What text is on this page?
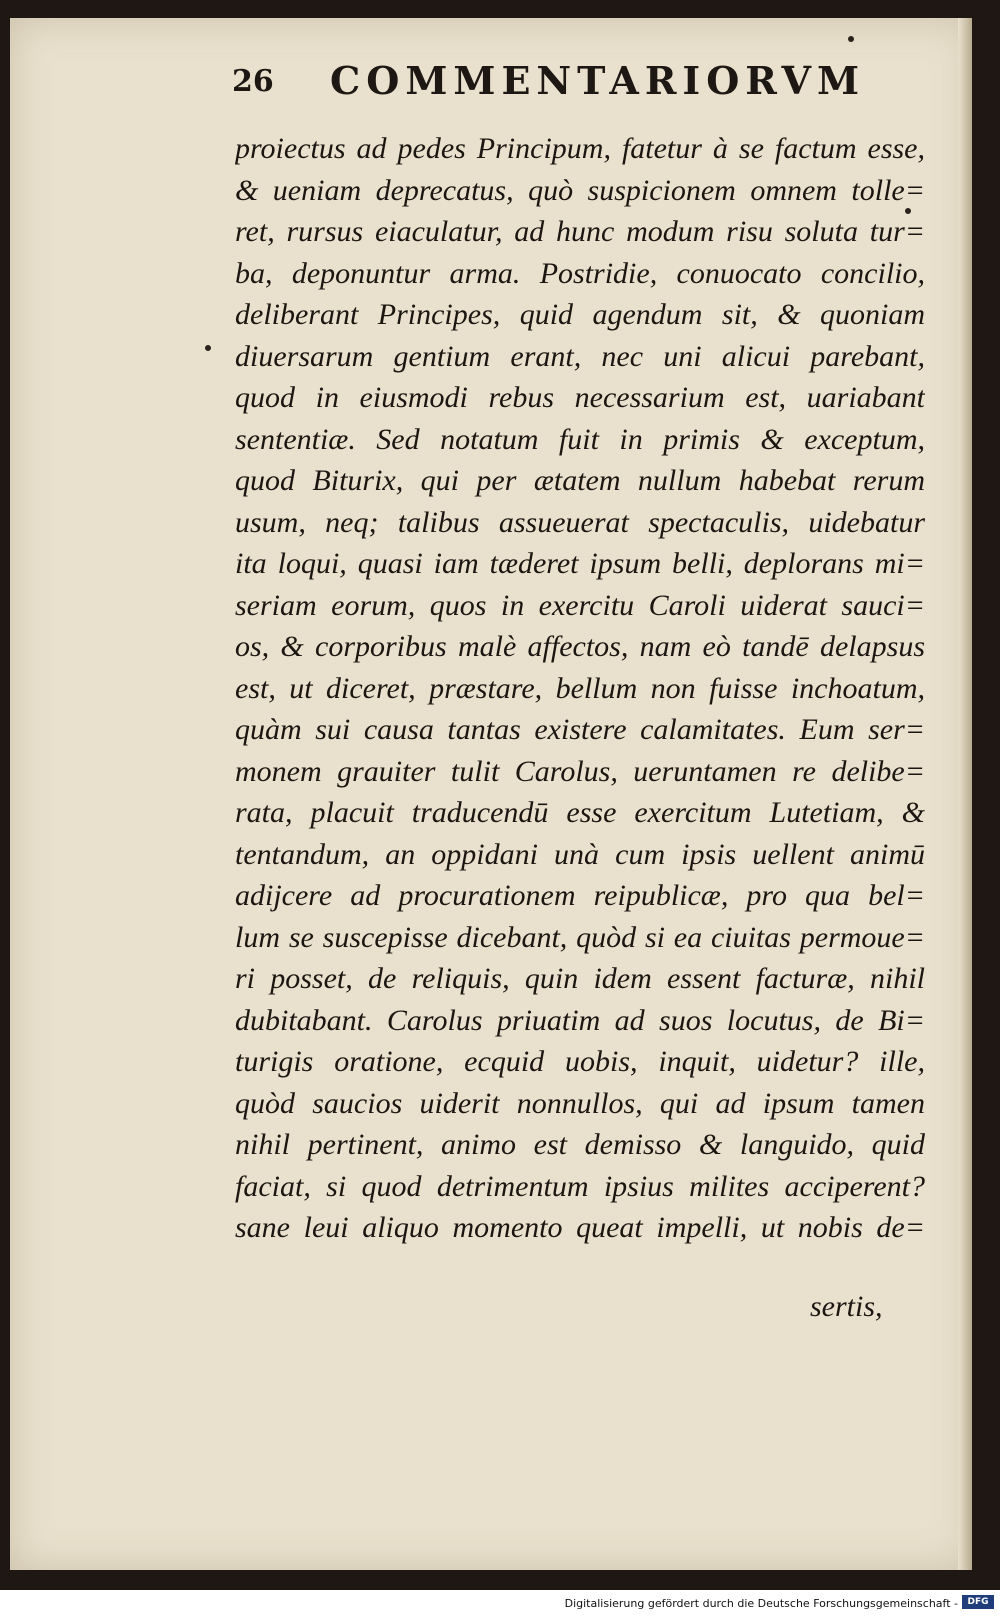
26 COMMENTARIORVM
proiectus ad pedes Principum, fatetur à se factum esse,
& ueniam deprecatus, quò suspicionem omnem tolle=
ret, rursus eiaculatur, ad hunc modum risu soluta tur=
ba, deponuntur arma. Postridie, conuocato concilio,
deliberant Principes, quid agendum sit, & quoniam
diuersarum gentium erant, nec uni alicui parebant,
quod in eiusmodi rebus necessarium est, uariabant
sententiæ. Sed notatum fuit in primis & exceptum,
quod Biturix, qui per ætatem nullum habebat rerum
usum, neq; talibus assueuerat spectaculis, uidebatur
ita loqui, quasi iam tæderet ipsum belli, deplorans mi=
seriam eorum, quos in exercitu Caroli uiderat sauci=
os, & corporibus malè affectos, nam eò tandē delapsus
est, ut diceret, præstare, bellum non fuisse inchoatum,
quàm sui causa tantas existere calamitates. Eum ser=
monem grauiter tulit Carolus, ueruntamen re delibe=
rata, placuit traducendū esse exercitum Lutetiam, &
tentandum, an oppidani unà cum ipsis uellent animū
adijcere ad procurationem reipublicæ, pro qua bel=
lum se suscepisse dicebant, quòd si ea ciuitas permoue=
ri posset, de reliquis, quin idem essent facturæ, nihil
dubitabant. Carolus priuatim ad suos locutus, de Bi=
turigis oratione, ecquid uobis, inquit, uidetur? ille,
quòd saucios uiderit nonnullos, qui ad ipsum tamen
nihil pertinent, animo est demisso & languido, quid
faciat, si quod detrimentum ipsius milites acciperent?
sane leui aliquo momento queat impelli, ut nobis de=
sertis,
Digitalisierung gefördert durch die Deutsche Forschungsgemeinschaft -	DFG
